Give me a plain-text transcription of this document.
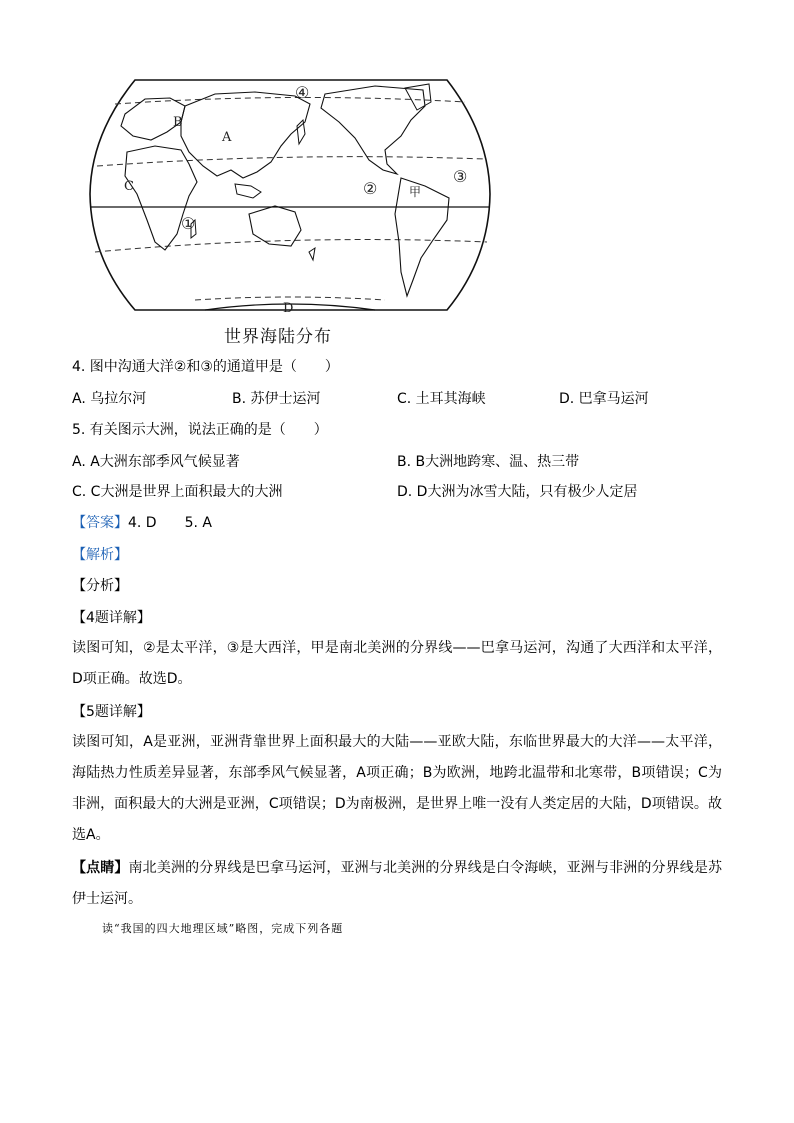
A
B
C
D
①
②
③
④
甲
世界海陆分布
4. 图中沟通大洋②和③的通道甲是（　　）
A. 乌拉尔河	B. 苏伊士运河	C. 土耳其海峡	D. 巴拿马运河
5. 有关图示大洲，说法正确的是（　　）
A. A大洲东部季风气候显著	B. B大洲地跨寒、温、热三带
C. C大洲是世界上面积最大的大洲	D. D大洲为冰雪大陆，只有极少人定居
【答案】4. D　　5. A
【解析】
【分析】
【4题详解】
读图可知，②是太平洋，③是大西洋，甲是南北美洲的分界线——巴拿马运河，沟通了大西洋和太平洋，D项正确。故选D。
【5题详解】
读图可知，A是亚洲，亚洲背靠世界上面积最大的大陆——亚欧大陆，东临世界最大的大洋——太平洋，海陆热力性质差异显著，东部季风气候显著，A项正确；B为欧洲，地跨北温带和北寒带，B项错误；C为非洲，面积最大的大洲是亚洲，C项错误；D为南极洲，是世界上唯一没有人类定居的大陆，D项错误。故选A。
【点睛】南北美洲的分界线是巴拿马运河，亚洲与北美洲的分界线是白令海峡，亚洲与非洲的分界线是苏伊士运河。
读“我国的四大地理区域”略图，完成下列各题
